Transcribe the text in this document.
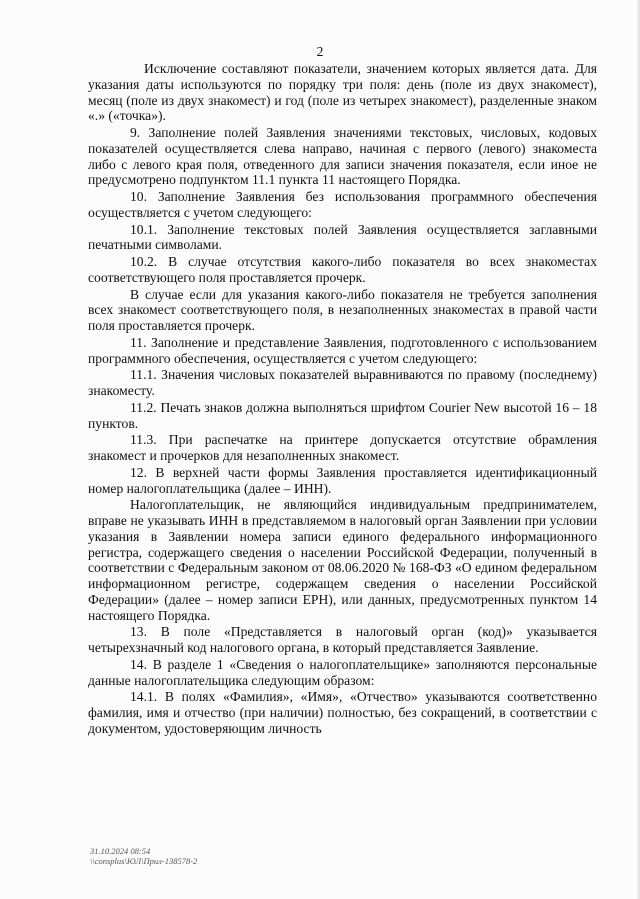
2

Исключение составляют показатели, значением которых является дата. Для указания даты используются по порядку три поля: день (поле из двух знакомест), месяц (поле из двух знакомест) и год (поле из четырех знакомест), разделенные знаком «.» («точка»).

9. Заполнение полей Заявления значениями текстовых, числовых, кодовых показателей осуществляется слева направо, начиная с первого (левого) знакоместа либо с левого края поля, отведенного для записи значения показателя, если иное не предусмотрено подпунктом 11.1 пункта 11 настоящего Порядка.

10. Заполнение Заявления без использования программного обеспечения осуществляется с учетом следующего:

10.1. Заполнение текстовых полей Заявления осуществляется заглавными печатными символами.

10.2. В случае отсутствия какого-либо показателя во всех знакоместах соответствующего поля проставляется прочерк.

В случае если для указания какого-либо показателя не требуется заполнения всех знакомест соответствующего поля, в незаполненных знакоместах в правой части поля проставляется прочерк.

11. Заполнение и представление Заявления, подготовленного с использованием программного обеспечения, осуществляется с учетом следующего:

11.1. Значения числовых показателей выравниваются по правому (последнему) знакоместу.

11.2. Печать знаков должна выполняться шрифтом Courier New высотой 16 – 18 пунктов.

11.3. При распечатке на принтере допускается отсутствие обрамления знакомест и прочерков для незаполненных знакомест.

12. В верхней части формы Заявления проставляется идентификационный номер налогоплательщика (далее – ИНН).

Налогоплательщик, не являющийся индивидуальным предпринимателем, вправе не указывать ИНН в представляемом в налоговый орган Заявлении при условии указания в Заявлении номера записи единого федерального информационного регистра, содержащего сведения о населении Российской Федерации, полученный в соответствии с Федеральным законом от 08.06.2020 № 168-ФЗ «О едином федеральном информационном регистре, содержащем сведения о населении Российской Федерации» (далее – номер записи ЕРН), или данных, предусмотренных пунктом 14 настоящего Порядка.

13. В поле «Представляется в налоговый орган (код)» указывается четырехзначный код налогового органа, в который представляется Заявление.

14. В разделе 1 «Сведения о налогоплательщике» заполняются персональные данные налогоплательщика следующим образом:

14.1. В полях «Фамилия», «Имя», «Отчество» указываются соответственно фамилия, имя и отчество (при наличии) полностью, без сокращений, в соответствии с документом, удостоверяющим личность

31.10.2024 08:54
\\consplus\ЮЛ\Прил-138578-2
